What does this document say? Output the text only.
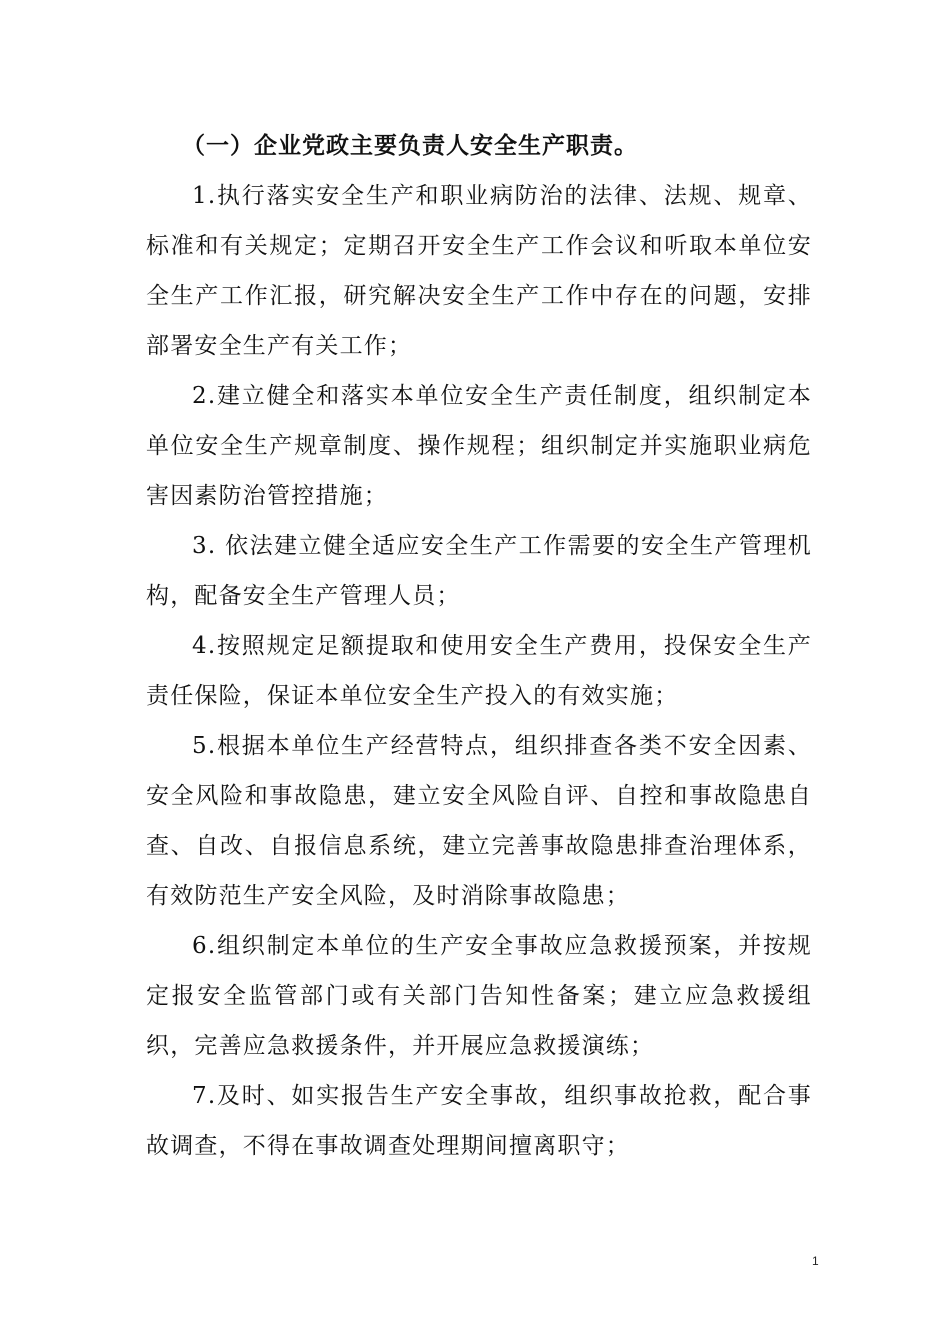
（一）企业党政主要负责人安全生产职责。

1.执行落实安全生产和职业病防治的法律、法规、规章、标准和有关规定；定期召开安全生产工作会议和听取本单位安全生产工作汇报，研究解决安全生产工作中存在的问题，安排部署安全生产有关工作；

2.建立健全和落实本单位安全生产责任制度，组织制定本单位安全生产规章制度、操作规程；组织制定并实施职业病危害因素防治管控措施；

3. 依法建立健全适应安全生产工作需要的安全生产管理机构，配备安全生产管理人员；

4.按照规定足额提取和使用安全生产费用，投保安全生产责任保险，保证本单位安全生产投入的有效实施；

5.根据本单位生产经营特点，组织排查各类不安全因素、安全风险和事故隐患，建立安全风险自评、自控和事故隐患自查、自改、自报信息系统，建立完善事故隐患排查治理体系，有效防范生产安全风险，及时消除事故隐患；

6.组织制定本单位的生产安全事故应急救援预案，并按规定报安全监管部门或有关部门告知性备案；建立应急救援组织，完善应急救援条件，并开展应急救援演练；

7.及时、如实报告生产安全事故，组织事故抢救，配合事故调查，不得在事故调查处理期间擅离职守；

1
